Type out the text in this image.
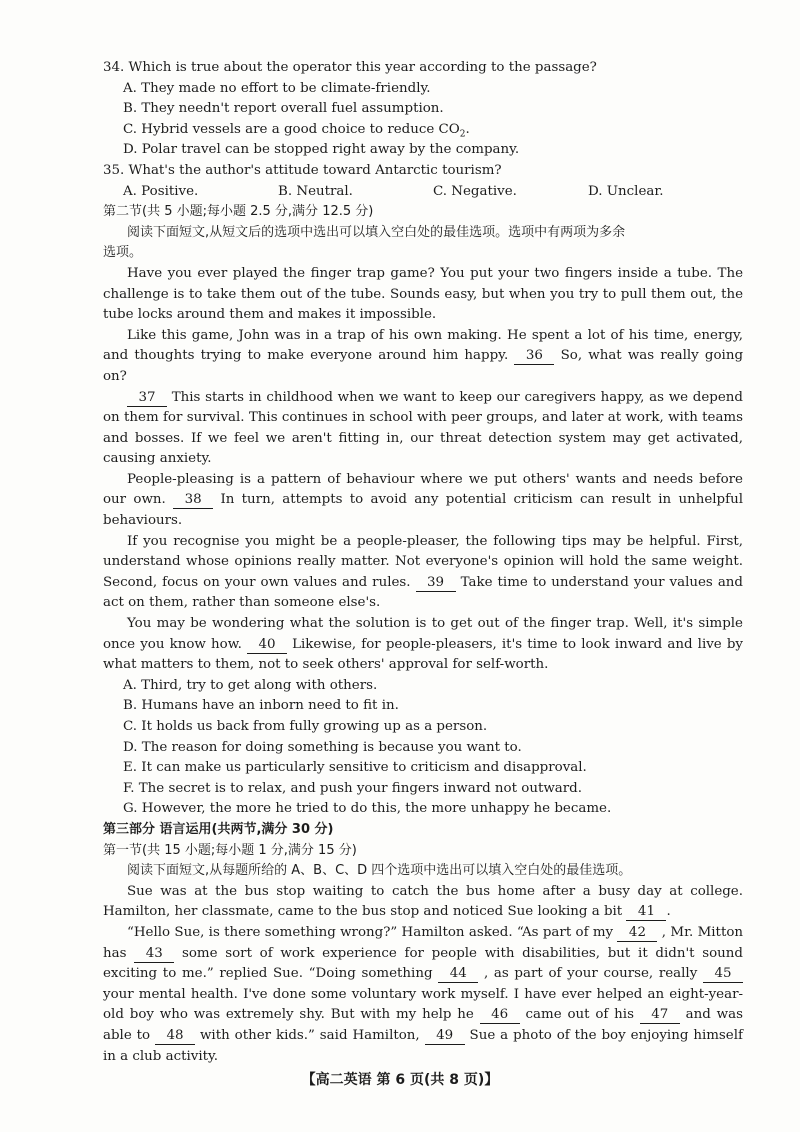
34. Which is true about the operator this year according to the passage?
A. They made no effort to be climate-friendly.
B. They needn't report overall fuel assumption.
C. Hybrid vessels are a good choice to reduce $CO_2$.
D. Polar travel can be stopped right away by the company.
35. What's the author's attitude toward Antarctic tourism?
A. Positive.	B. Neutral.	C. Negative.	D. Unclear.
第二节(共 5 小题;每小题 2.5 分,满分 12.5 分)
阅读下面短文,从短文后的选项中选出可以填入空白处的最佳选项。选项中有两项为多余
选项。
Have you ever played the finger trap game? You put your two fingers inside a tube. The challenge is to take them out of the tube. Sounds easy, but when you try to pull them out, the tube locks around them and makes it impossible.
Like this game, John was in a trap of his own making. He spent a lot of his time, energy, and thoughts trying to make everyone around him happy. 36 So, what was really going on?
37 This starts in childhood when we want to keep our caregivers happy, as we depend on them for survival. This continues in school with peer groups, and later at work, with teams and bosses. If we feel we aren't fitting in, our threat detection system may get activated, causing anxiety.
People-pleasing is a pattern of behaviour where we put others' wants and needs before our own. 38 In turn, attempts to avoid any potential criticism can result in unhelpful behaviours.
If you recognise you might be a people-pleaser, the following tips may be helpful. First, understand whose opinions really matter. Not everyone's opinion will hold the same weight. Second, focus on your own values and rules. 39 Take time to understand your values and act on them, rather than someone else's.
You may be wondering what the solution is to get out of the finger trap. Well, it's simple once you know how. 40 Likewise, for people-pleasers, it's time to look inward and live by what matters to them, not to seek others' approval for self-worth.
A. Third, try to get along with others.
B. Humans have an inborn need to fit in.
C. It holds us back from fully growing up as a person.
D. The reason for doing something is because you want to.
E. It can make us particularly sensitive to criticism and disapproval.
F. The secret is to relax, and push your fingers inward not outward.
G. However, the more he tried to do this, the more unhappy he became.
第三部分 语言运用(共两节,满分 30 分)
第一节(共 15 小题;每小题 1 分,满分 15 分)
阅读下面短文,从每题所给的 A、B、C、D 四个选项中选出可以填入空白处的最佳选项。
Sue was at the bus stop waiting to catch the bus home after a busy day at college. Hamilton, her classmate, came to the bus stop and noticed Sue looking a bit 41 .
“Hello Sue, is there something wrong?” Hamilton asked. “As part of my 42 , Mr. Mitton has 43 some sort of work experience for people with disabilities, but it didn't sound exciting to me.” replied Sue. “Doing something 44 , as part of your course, really 45 your mental health. I've done some voluntary work myself. I have ever helped an eight-year-old boy who was extremely shy. But with my help he 46 came out of his 47 and was able to 48 with other kids.” said Hamilton, 49 Sue a photo of the boy enjoying himself in a club activity.
【高二英语 第 6 页(共 8 页)】
